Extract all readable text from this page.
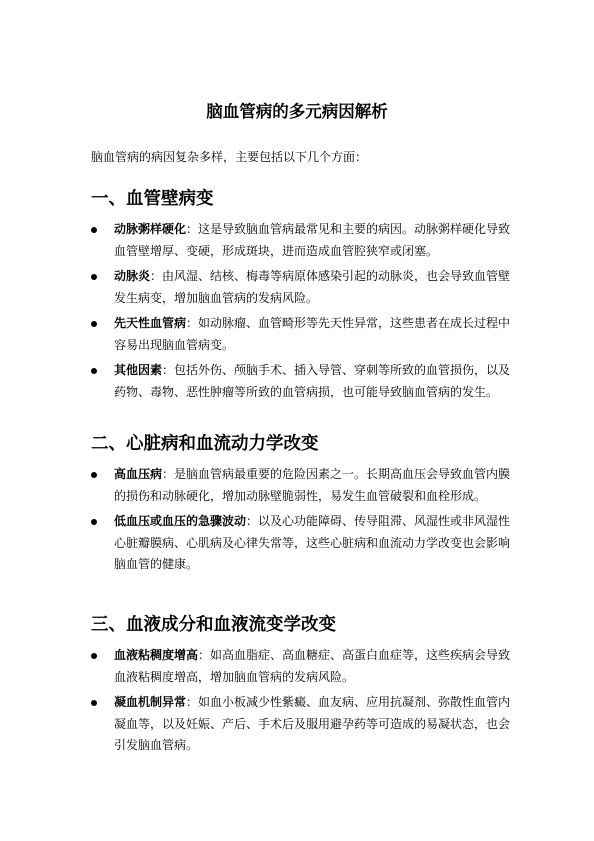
脑血管病的多元病因解析
脑血管病的病因复杂多样，主要包括以下几个方面：
一、血管壁病变
动脉粥样硬化：这是导致脑血管病最常见和主要的病因。动脉粥样硬化导致血管壁增厚、变硬，形成斑块，进而造成血管腔狭窄或闭塞。
动脉炎：由风湿、结核、梅毒等病原体感染引起的动脉炎，也会导致血管壁发生病变，增加脑血管病的发病风险。
先天性血管病：如动脉瘤、血管畸形等先天性异常，这些患者在成长过程中容易出现脑血管病变。
其他因素：包括外伤、颅脑手术、插入导管、穿刺等所致的血管损伤，以及药物、毒物、恶性肿瘤等所致的血管病损，也可能导致脑血管病的发生。
二、心脏病和血流动力学改变
高血压病：是脑血管病最重要的危险因素之一。长期高血压会导致血管内膜的损伤和动脉硬化，增加动脉壁脆弱性，易发生血管破裂和血栓形成。
低血压或血压的急骤波动：以及心功能障碍、传导阻滞、风湿性或非风湿性心脏瓣膜病、心肌病及心律失常等，这些心脏病和血流动力学改变也会影响脑血管的健康。
三、血液成分和血液流变学改变
血液粘稠度增高：如高血脂症、高血糖症、高蛋白血症等，这些疾病会导致血液粘稠度增高，增加脑血管病的发病风险。
凝血机制异常：如血小板减少性紫癜、血友病、应用抗凝剂、弥散性血管内凝血等，以及妊娠、产后、手术后及服用避孕药等可造成的易凝状态，也会引发脑血管病。
